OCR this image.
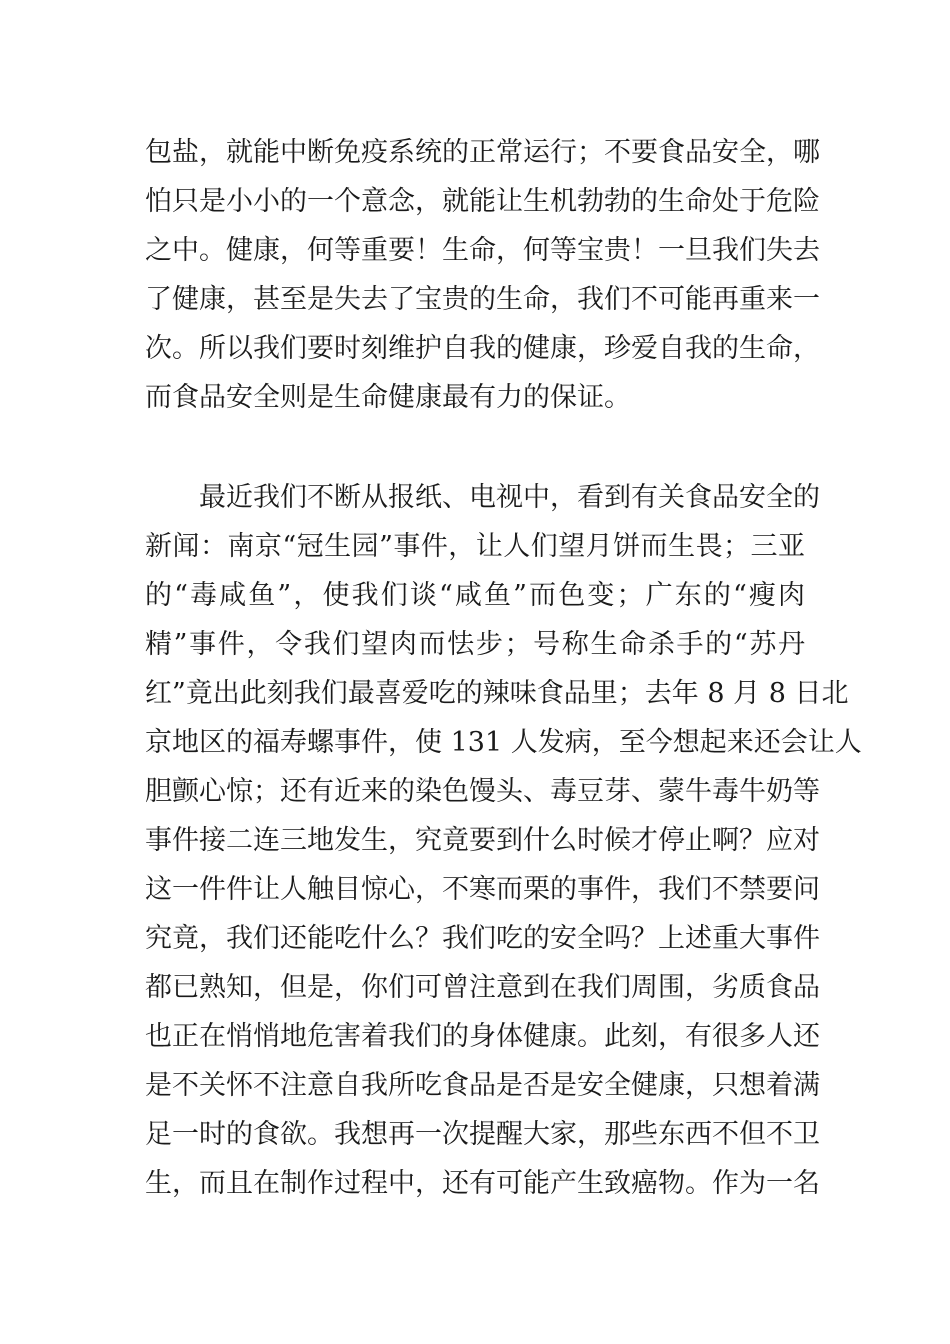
包盐，就能中断免疫系统的正常运行；不要食品安全，哪
怕只是小小的一个意念，就能让生机勃勃的生命处于危险
之中。健康，何等重要！生命，何等宝贵！一旦我们失去
了健康，甚至是失去了宝贵的生命，我们不可能再重来一
次。所以我们要时刻维护自我的健康，珍爱自我的生命，
而食品安全则是生命健康最有力的保证。
最近我们不断从报纸、电视中，看到有关食品安全的
新闻：南京“冠生园”事件，让人们望月饼而生畏；三亚
的“毒咸鱼”，使我们谈“咸鱼”而色变；广东的“瘦肉
精”事件，令我们望肉而怯步；号称生命杀手的“苏丹
红”竟出此刻我们最喜爱吃的辣味食品里；去年 8 月 8 日北
京地区的福寿螺事件，使 131 人发病，至今想起来还会让人
胆颤心惊；还有近来的染色馒头、毒豆芽、蒙牛毒牛奶等
事件接二连三地发生，究竟要到什么时候才停止啊？应对
这一件件让人触目惊心，不寒而栗的事件，我们不禁要问
究竟，我们还能吃什么？我们吃的安全吗？上述重大事件
都已熟知，但是，你们可曾注意到在我们周围，劣质食品
也正在悄悄地危害着我们的身体健康。此刻，有很多人还
是不关怀不注意自我所吃食品是否是安全健康，只想着满
足一时的食欲。我想再一次提醒大家，那些东西不但不卫
生，而且在制作过程中，还有可能产生致癌物。作为一名
